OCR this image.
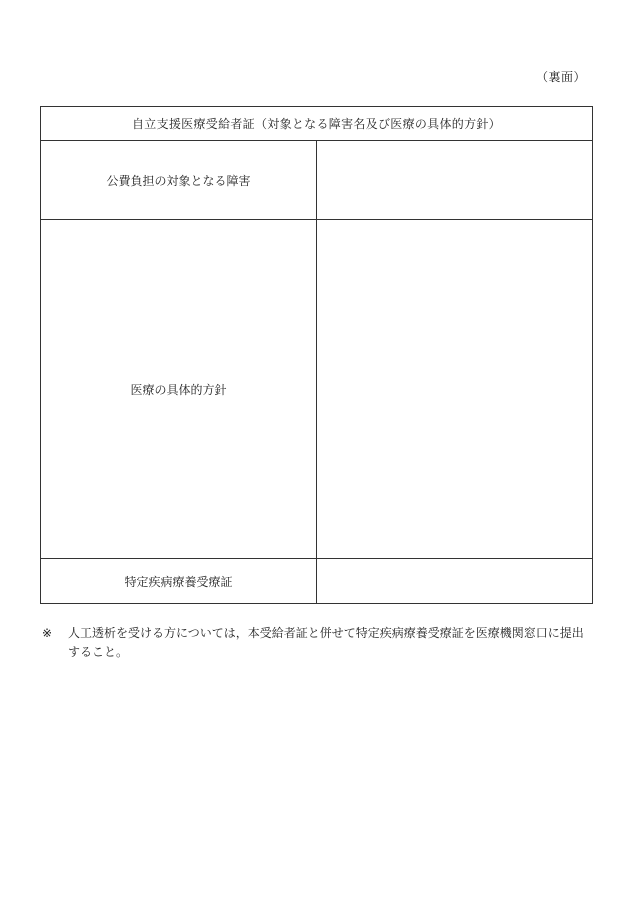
（裏面）
自立支援医療受給者証（対象となる障害名及び医療の具体的方針）	
公費負担の対象となる障害	
医療の具体的方針	
特定疾病療養受療証	
※	人工透析を受ける方については，本受給者証と併せて特定疾病療養受療証を医療機関窓口に提出すること。
